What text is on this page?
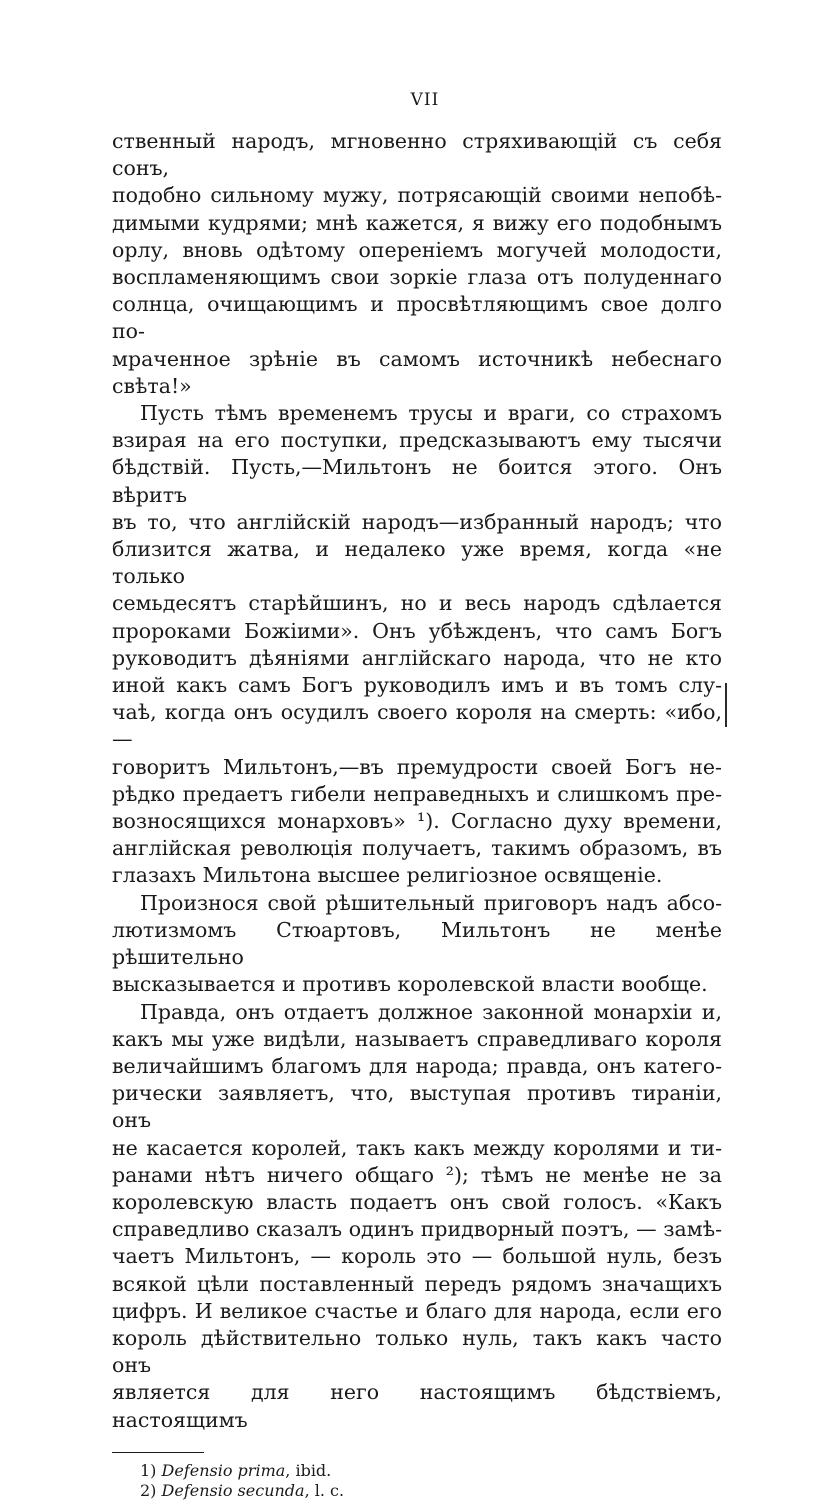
VII

ственный народъ, мгновенно стряхивающій съ себя сонъ,

подобно сильному мужу, потрясающій своими непобѣ-

димыми кудрями; мнѣ кажется, я вижу его подобнымъ

орлу, вновь одѣтому опереніемъ могучей молодости,

воспламеняющимъ свои зоркіе глаза отъ полуденнаго

солнца, очищающимъ и просвѣтляющимъ свое долго по-

мраченное зрѣніе въ самомъ источникѣ небеснаго свѣта!»

Пусть тѣмъ временемъ трусы и враги, со страхомъ

взирая на его поступки, предсказываютъ ему тысячи

бѣдствій. Пусть,—Мильтонъ не боится этого. Онъ вѣритъ

въ то, что англійскій народъ—избранный народъ; что

близится жатва, и недалеко уже время, когда «не только

семьдесятъ старѣйшинъ, но и весь народъ сдѣлается

пророками Божіими». Онъ убѣжденъ, что самъ Богъ

руководитъ дѣяніями англійскаго народа, что не кто

иной какъ самъ Богъ руководилъ имъ и въ томъ слу-

чаѣ, когда онъ осудилъ своего короля на смерть: «ибо,—

говоритъ Мильтонъ,—въ премудрости своей Богъ не-

рѣдко предаетъ гибели неправедныхъ и слишкомъ пре-

возносящихся монарховъ» ¹). Согласно духу времени,

англійская революція получаетъ, такимъ образомъ, въ

глазахъ Мильтона высшее религіозное освященіе.

Произнося свой рѣшительный приговоръ надъ абсо-

лютизмомъ Стюартовъ, Мильтонъ не менѣе рѣшительно

высказывается и противъ королевской власти вообще.

Правда, онъ отдаетъ должное законной монархіи и,

какъ мы уже видѣли, называетъ справедливаго короля

величайшимъ благомъ для народа; правда, онъ катего-

рически заявляетъ, что, выступая противъ тираніи, онъ

не касается королей, такъ какъ между королями и ти-

ранами нѣтъ ничего общаго ²); тѣмъ не менѣе не за

королевскую власть подаетъ онъ свой голосъ. «Какъ

справедливо сказалъ одинъ придворный поэтъ, — замѣ-

чаетъ Мильтонъ, — король это — большой нуль, безъ

всякой цѣли поставленный передъ рядомъ значащихъ

цифръ. И великое счастье и благо для народа, если его

король дѣйствительно только нуль, такъ какъ часто онъ

является для него настоящимъ бѣдствіемъ, настоящимъ

1) Defensio prima, ibid.
2) Defensio secunda, l. c.
